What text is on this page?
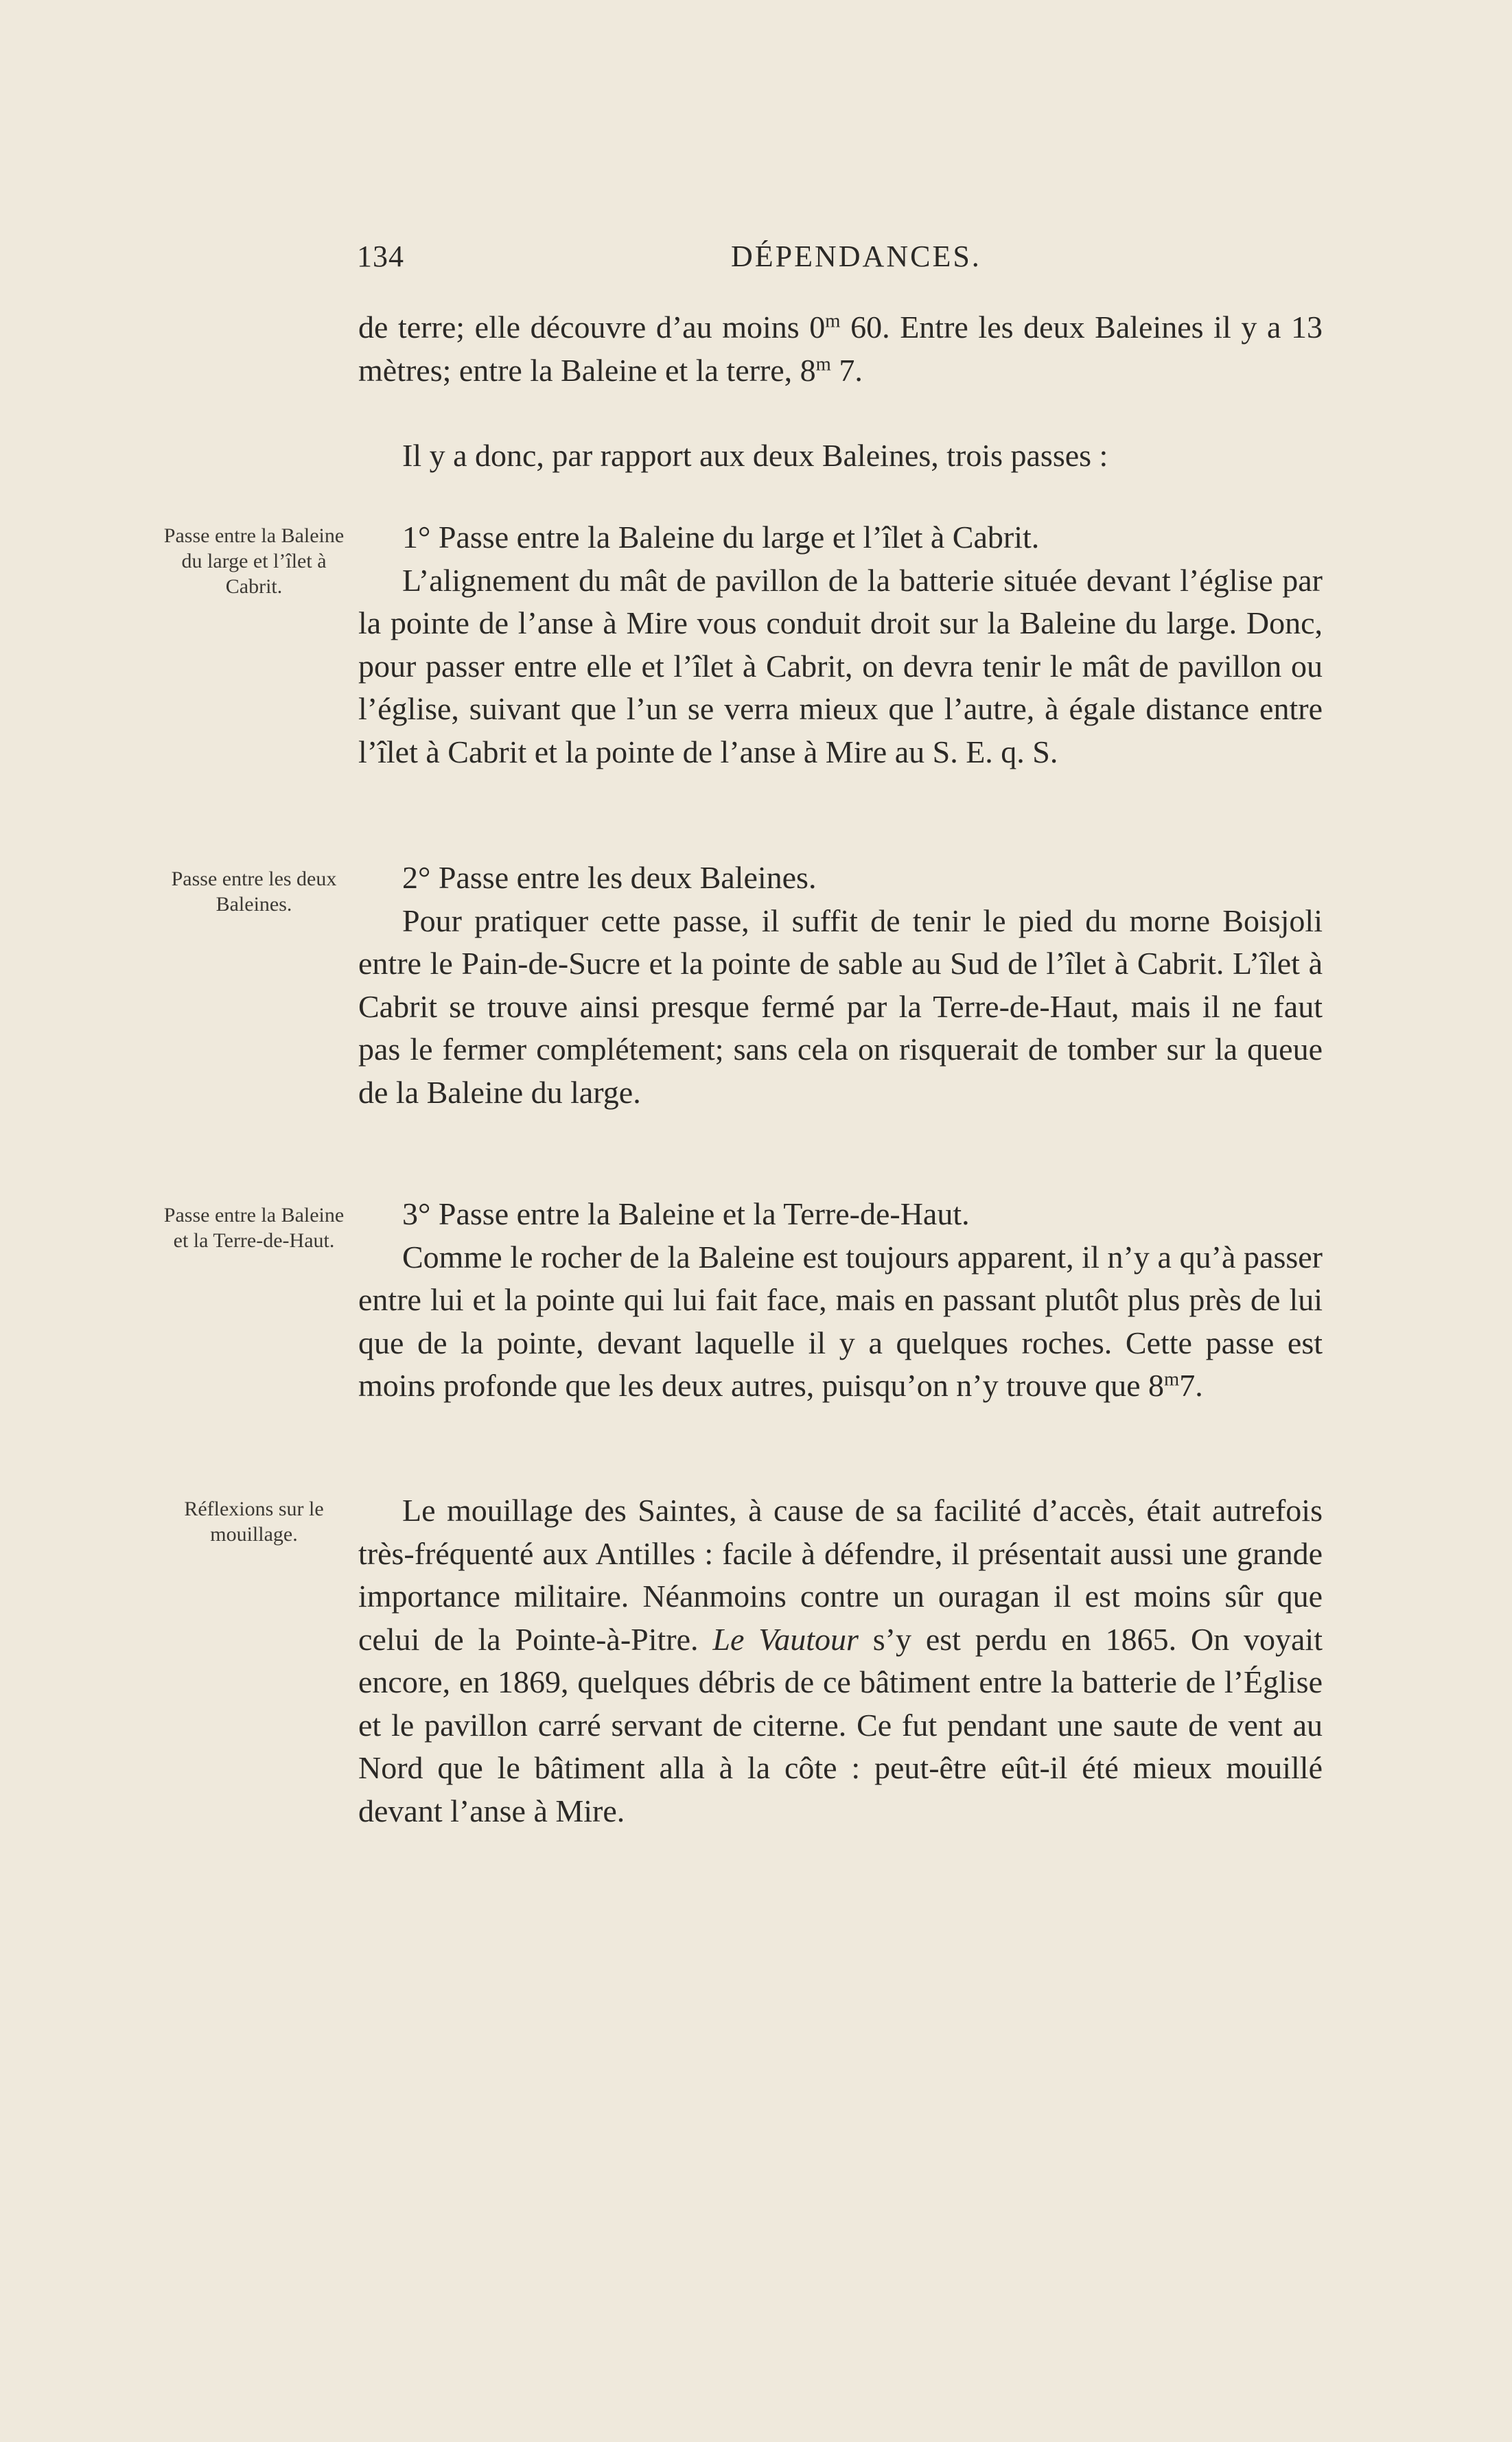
134	DÉPENDANCES.

de terre; elle découvre d’au moins 0$^m$ 60. Entre les deux Baleines il y a 13 mètres; entre la Baleine et la terre, 8$^m$ 7.

Il y a donc, par rapport aux deux Baleines, trois passes :

Passe entre la Baleine du large et l’îlet à Cabrit.

1° Passe entre la Baleine du large et l’îlet à Cabrit.

L’alignement du mât de pavillon de la batterie située devant l’église par la pointe de l’anse à Mire vous conduit droit sur la Baleine du large. Donc, pour passer entre elle et l’îlet à Cabrit, on devra tenir le mât de pavillon ou l’église, suivant que l’un se verra mieux que l’autre, à égale distance entre l’îlet à Cabrit et la pointe de l’anse à Mire au S. E. q. S.

Passe entre les deux Baleines.

2° Passe entre les deux Baleines.

Pour pratiquer cette passe, il suffit de tenir le pied du morne Boisjoli entre le Pain-de-Sucre et la pointe de sable au Sud de l’îlet à Cabrit. L’îlet à Cabrit se trouve ainsi presque fermé par la Terre-de-Haut, mais il ne faut pas le fermer complétement; sans cela on risquerait de tomber sur la queue de la Baleine du large.

Passe entre la Baleine et la Terre-de-Haut.

3° Passe entre la Baleine et la Terre-de-Haut.

Comme le rocher de la Baleine est toujours apparent, il n’y a qu’à passer entre lui et la pointe qui lui fait face, mais en passant plutôt plus près de lui que de la pointe, devant laquelle il y a quelques roches. Cette passe est moins profonde que les deux autres, puisqu’on n’y trouve que 8$^m$7.

Réflexions sur le mouillage.

Le mouillage des Saintes, à cause de sa facilité d’accès, était autrefois très-fréquenté aux Antilles : facile à défendre, il présentait aussi une grande importance militaire. Néanmoins contre un ouragan il est moins sûr que celui de la Pointe-à-Pitre. Le Vautour s’y est perdu en 1865. On voyait encore, en 1869, quelques débris de ce bâtiment entre la batterie de l’Église et le pavillon carré servant de citerne. Ce fut pendant une saute de vent au Nord que le bâtiment alla à la côte : peut-être eût-il été mieux mouillé devant l’anse à Mire.
